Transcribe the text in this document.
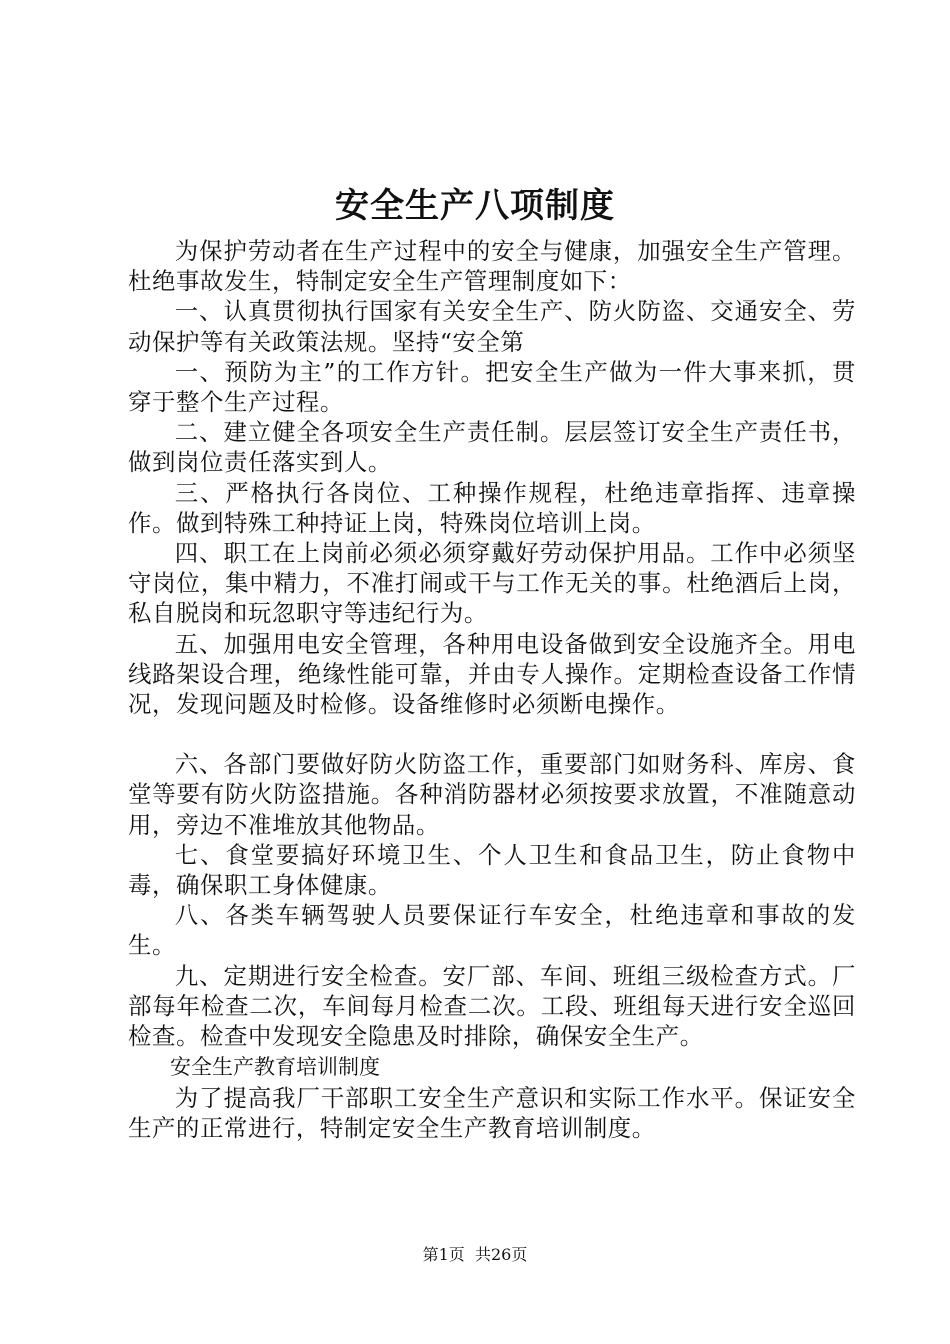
安全生产八项制度

为保护劳动者在生产过程中的安全与健康，加强安全生产管理。杜绝事故发生，特制定安全生产管理制度如下：

一、认真贯彻执行国家有关安全生产、防火防盗、交通安全、劳动保护等有关政策法规。坚持“安全第

一、预防为主”的工作方针。把安全生产做为一件大事来抓，贯穿于整个生产过程。

二、建立健全各项安全生产责任制。层层签订安全生产责任书，做到岗位责任落实到人。

三、严格执行各岗位、工种操作规程，杜绝违章指挥、违章操作。做到特殊工种持证上岗，特殊岗位培训上岗。

四、职工在上岗前必须必须穿戴好劳动保护用品。工作中必须坚守岗位，集中精力，不准打闹或干与工作无关的事。杜绝酒后上岗，私自脱岗和玩忽职守等违纪行为。

五、加强用电安全管理，各种用电设备做到安全设施齐全。用电线路架设合理，绝缘性能可靠，并由专人操作。定期检查设备工作情况，发现问题及时检修。设备维修时必须断电操作。

六、各部门要做好防火防盗工作，重要部门如财务科、库房、食堂等要有防火防盗措施。各种消防器材必须按要求放置，不准随意动用，旁边不准堆放其他物品。

七、食堂要搞好环境卫生、个人卫生和食品卫生，防止食物中毒，确保职工身体健康。

八、各类车辆驾驶人员要保证行车安全，杜绝违章和事故的发生。

九、定期进行安全检查。安厂部、车间、班组三级检查方式。厂部每年检查二次，车间每月检查二次。工段、班组每天进行安全巡回检查。检查中发现安全隐患及时排除，确保安全生产。

安全生产教育培训制度

为了提高我厂干部职工安全生产意识和实际工作水平。保证安全生产的正常进行，特制定安全生产教育培训制度。

第1页 共26页
